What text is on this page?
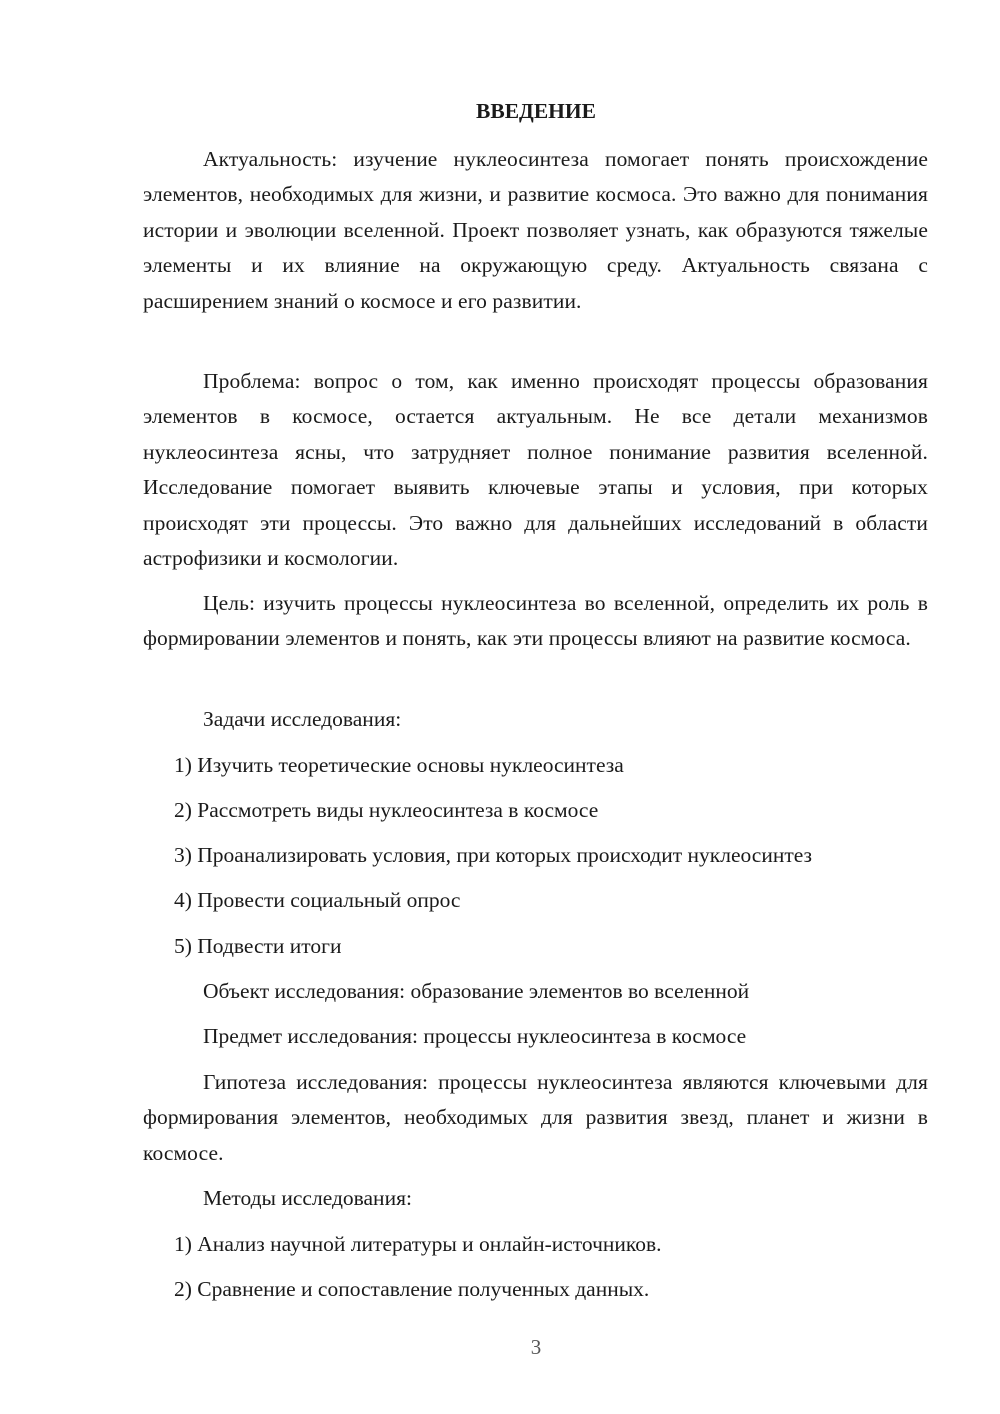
ВВЕДЕНИЕ

Актуальность: изучение нуклеосинтеза помогает понять происхождение элементов, необходимых для жизни, и развитие космоса. Это важно для понимания истории и эволюции вселенной. Проект позволяет узнать, как образуются тяжелые элементы и их влияние на окружающую среду. Актуальность связана с расширением знаний о космосе и его развитии.

Проблема: вопрос о том, как именно происходят процессы образования элементов в космосе, остается актуальным. Не все детали механизмов нуклеосинтеза ясны, что затрудняет полное понимание развития вселенной. Исследование помогает выявить ключевые этапы и условия, при которых происходят эти процессы. Это важно для дальнейших исследований в области астрофизики и космологии.

Цель: изучить процессы нуклеосинтеза во вселенной, определить их роль в формировании элементов и понять, как эти процессы влияют на развитие космоса.

Задачи исследования:

1) Изучить теоретические основы нуклеосинтеза

2) Рассмотреть виды нуклеосинтеза в космосе

3) Проанализировать условия, при которых происходит нуклеосинтез

4) Провести социальный опрос

5) Подвести итоги

Объект исследования: образование элементов во вселенной

Предмет исследования: процессы нуклеосинтеза в космосе

Гипотеза исследования: процессы нуклеосинтеза являются ключевыми для формирования элементов, необходимых для развития звезд, планет и жизни в космосе.

Методы исследования:

1) Анализ научной литературы и онлайн-источников.

2) Сравнение и сопоставление полученных данных.

3
